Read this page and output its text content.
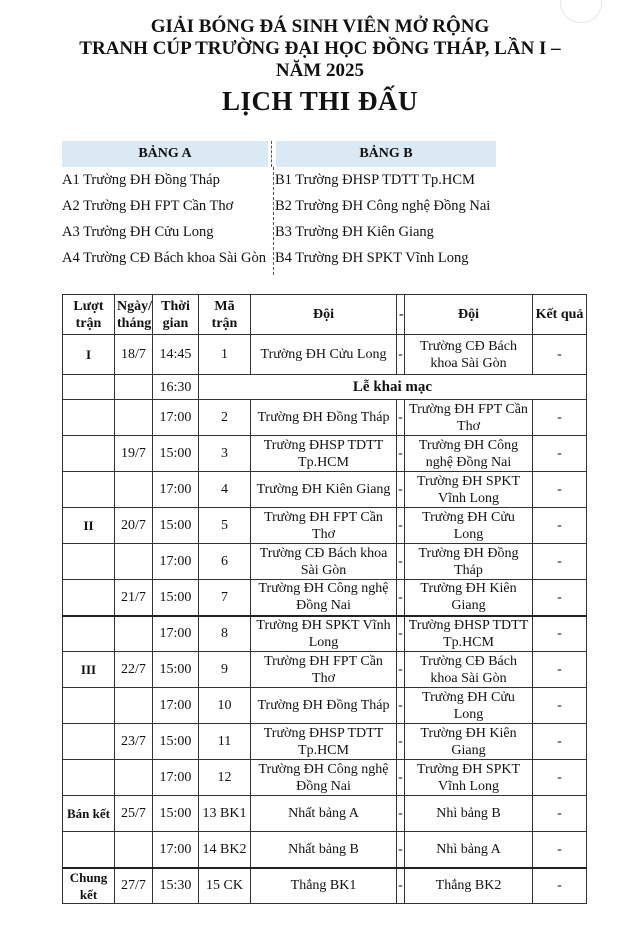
GIẢI BÓNG ĐÁ SINH VIÊN MỞ RỘNG
TRANH CÚP TRƯỜNG ĐẠI HỌC ĐỒNG THÁP, LẦN I –
NĂM 2025
LỊCH THI ĐẤU
BẢNG A	BẢNG B
A1 Trường ĐH Đồng Tháp	B1 Trường ĐHSP TDTT Tp.HCM
A2 Trường ĐH FPT Cần Thơ	B2 Trường ĐH Công nghệ Đồng Nai
A3 Trường ĐH Cửu Long	B3 Trường ĐH Kiên Giang
A4 Trường CĐ Bách khoa Sài Gòn B4 Trường ĐH SPKT Vĩnh Long
Lượt trận	Ngày/ tháng	Thời gian	Mã trận	Đội	-	Đội	Kết quả
I	18/7	14:45	1	Trường ĐH Cửu Long	-	Trường CĐ Bách khoa Sài Gòn	-
		16:30	Lễ khai mạc				
		17:00	2	Trường ĐH Đồng Tháp	-	Trường ĐH FPT Cần Thơ	-
	19/7	15:00	3	Trường ĐHSP TDTT Tp.HCM	-	Trường ĐH Công nghệ Đồng Nai	-
		17:00	4	Trường ĐH Kiên Giang	-	Trường ĐH SPKT Vĩnh Long	-
II	20/7	15:00	5	Trường ĐH FPT Cần Thơ	-	Trường ĐH Cửu Long	-
		17:00	6	Trường CĐ Bách khoa Sài Gòn	-	Trường ĐH Đồng Tháp	-
	21/7	15:00	7	Trường ĐH Công nghệ Đồng Nai	-	Trường ĐH Kiên Giang	-
		17:00	8	Trường ĐH SPKT Vĩnh Long	-	Trường ĐHSP TDTT Tp.HCM	-
III	22/7	15:00	9	Trường ĐH FPT Cần Thơ	-	Trường CĐ Bách khoa Sài Gòn	-
		17:00	10	Trường ĐH Đồng Tháp	-	Trường ĐH Cửu Long	-
	23/7	15:00	11	Trường ĐHSP TDTT Tp.HCM	-	Trường ĐH Kiên Giang	-
		17:00	12	Trường ĐH Công nghệ Đồng Nai	-	Trường ĐH SPKT Vĩnh Long	-
Bán kết	25/7	15:00	13 BK1	Nhất bảng A	-	Nhì bảng B	-
		17:00	14 BK2	Nhất bảng B	-	Nhì bảng A	-
Chung kết	27/7	15:30	15 CK	Thắng BK1	-	Thắng BK2	-
